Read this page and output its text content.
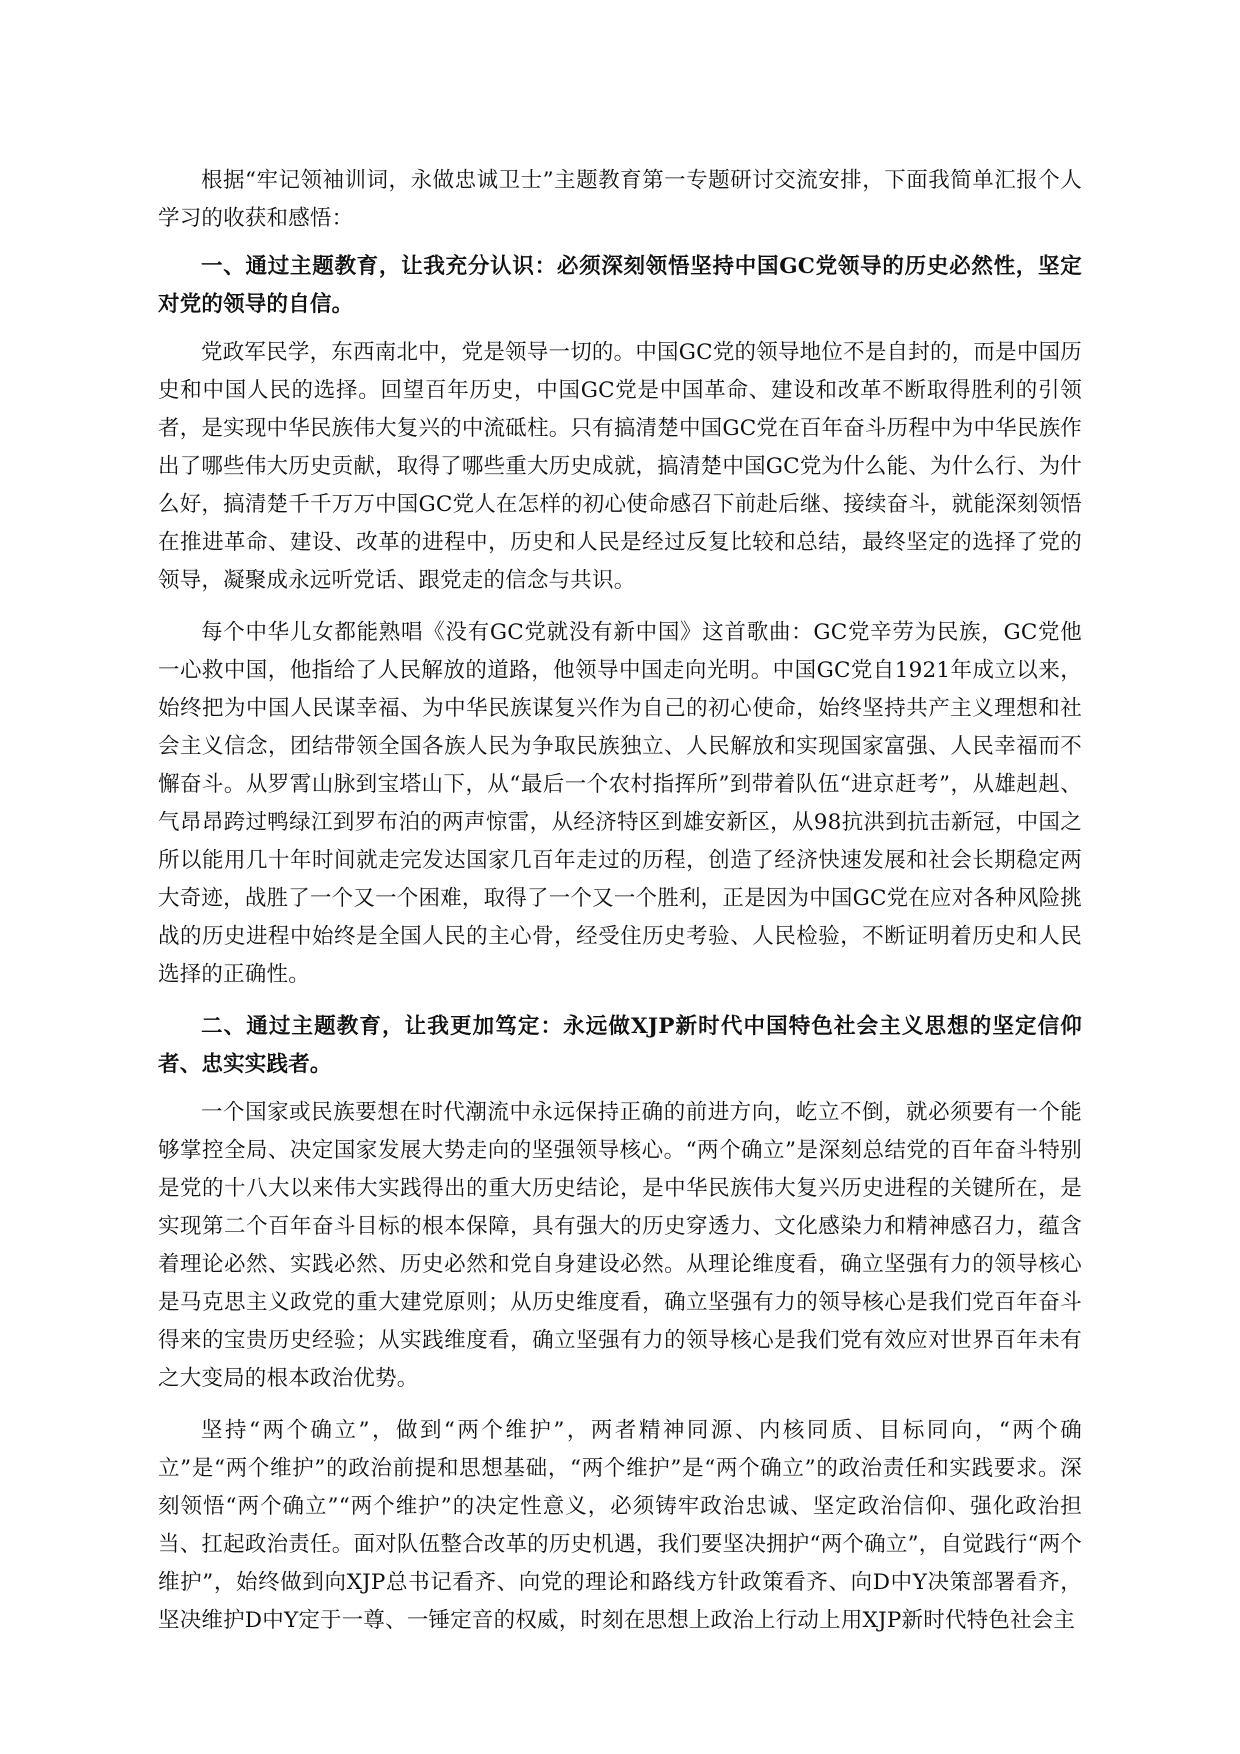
根据“牢记领袖训词，永做忠诚卫士”主题教育第一专题研讨交流安排，下面我简单汇报个人学习的收获和感悟：

一、通过主题教育，让我充分认识：必须深刻领悟坚持中国GC党领导的历史必然性，坚定对党的领导的自信。

党政军民学，东西南北中，党是领导一切的。中国GC党的领导地位不是自封的，而是中国历史和中国人民的选择。回望百年历史，中国GC党是中国革命、建设和改革不断取得胜利的引领者，是实现中华民族伟大复兴的中流砥柱。只有搞清楚中国GC党在百年奋斗历程中为中华民族作出了哪些伟大历史贡献，取得了哪些重大历史成就，搞清楚中国GC党为什么能、为什么行、为什么好，搞清楚千千万万中国GC党人在怎样的初心使命感召下前赴后继、接续奋斗，就能深刻领悟在推进革命、建设、改革的进程中，历史和人民是经过反复比较和总结，最终坚定的选择了党的领导，凝聚成永远听党话、跟党走的信念与共识。

每个中华儿女都能熟唱《没有GC党就没有新中国》这首歌曲：GC党辛劳为民族，GC党他一心救中国，他指给了人民解放的道路，他领导中国走向光明。中国GC党自1921年成立以来，始终把为中国人民谋幸福、为中华民族谋复兴作为自己的初心使命，始终坚持共产主义理想和社会主义信念，团结带领全国各族人民为争取民族独立、人民解放和实现国家富强、人民幸福而不懈奋斗。从罗霄山脉到宝塔山下，从“最后一个农村指挥所”到带着队伍“进京赶考”，从雄赳赳、气昂昂跨过鸭绿江到罗布泊的两声惊雷，从经济特区到雄安新区，从98抗洪到抗击新冠，中国之所以能用几十年时间就走完发达国家几百年走过的历程，创造了经济快速发展和社会长期稳定两大奇迹，战胜了一个又一个困难，取得了一个又一个胜利，正是因为中国GC党在应对各种风险挑战的历史进程中始终是全国人民的主心骨，经受住历史考验、人民检验，不断证明着历史和人民选择的正确性。

二、通过主题教育，让我更加笃定：永远做XJP新时代中国特色社会主义思想的坚定信仰者、忠实实践者。

一个国家或民族要想在时代潮流中永远保持正确的前进方向，屹立不倒，就必须要有一个能够掌控全局、决定国家发展大势走向的坚强领导核心。“两个确立”是深刻总结党的百年奋斗特别是党的十八大以来伟大实践得出的重大历史结论，是中华民族伟大复兴历史进程的关键所在，是实现第二个百年奋斗目标的根本保障，具有强大的历史穿透力、文化感染力和精神感召力，蕴含着理论必然、实践必然、历史必然和党自身建设必然。从理论维度看，确立坚强有力的领导核心是马克思主义政党的重大建党原则；从历史维度看，确立坚强有力的领导核心是我们党百年奋斗得来的宝贵历史经验；从实践维度看，确立坚强有力的领导核心是我们党有效应对世界百年未有之大变局的根本政治优势。

坚持“两个确立”，做到“两个维护”，两者精神同源、内核同质、目标同向，“两个确立”是“两个维护”的政治前提和思想基础，“两个维护”是“两个确立”的政治责任和实践要求。深刻领悟“两个确立”“两个维护”的决定性意义，必须铸牢政治忠诚、坚定政治信仰、强化政治担当、扛起政治责任。面对队伍整合改革的历史机遇，我们要坚决拥护“两个确立”，自觉践行“两个维护”，始终做到向XJP总书记看齐、向党的理论和路线方针政策看齐、向D中Y决策部署看齐，坚决维护D中Y定于一尊、一锤定音的权威，时刻在思想上政治上行动上用XJP新时代特色社会主
